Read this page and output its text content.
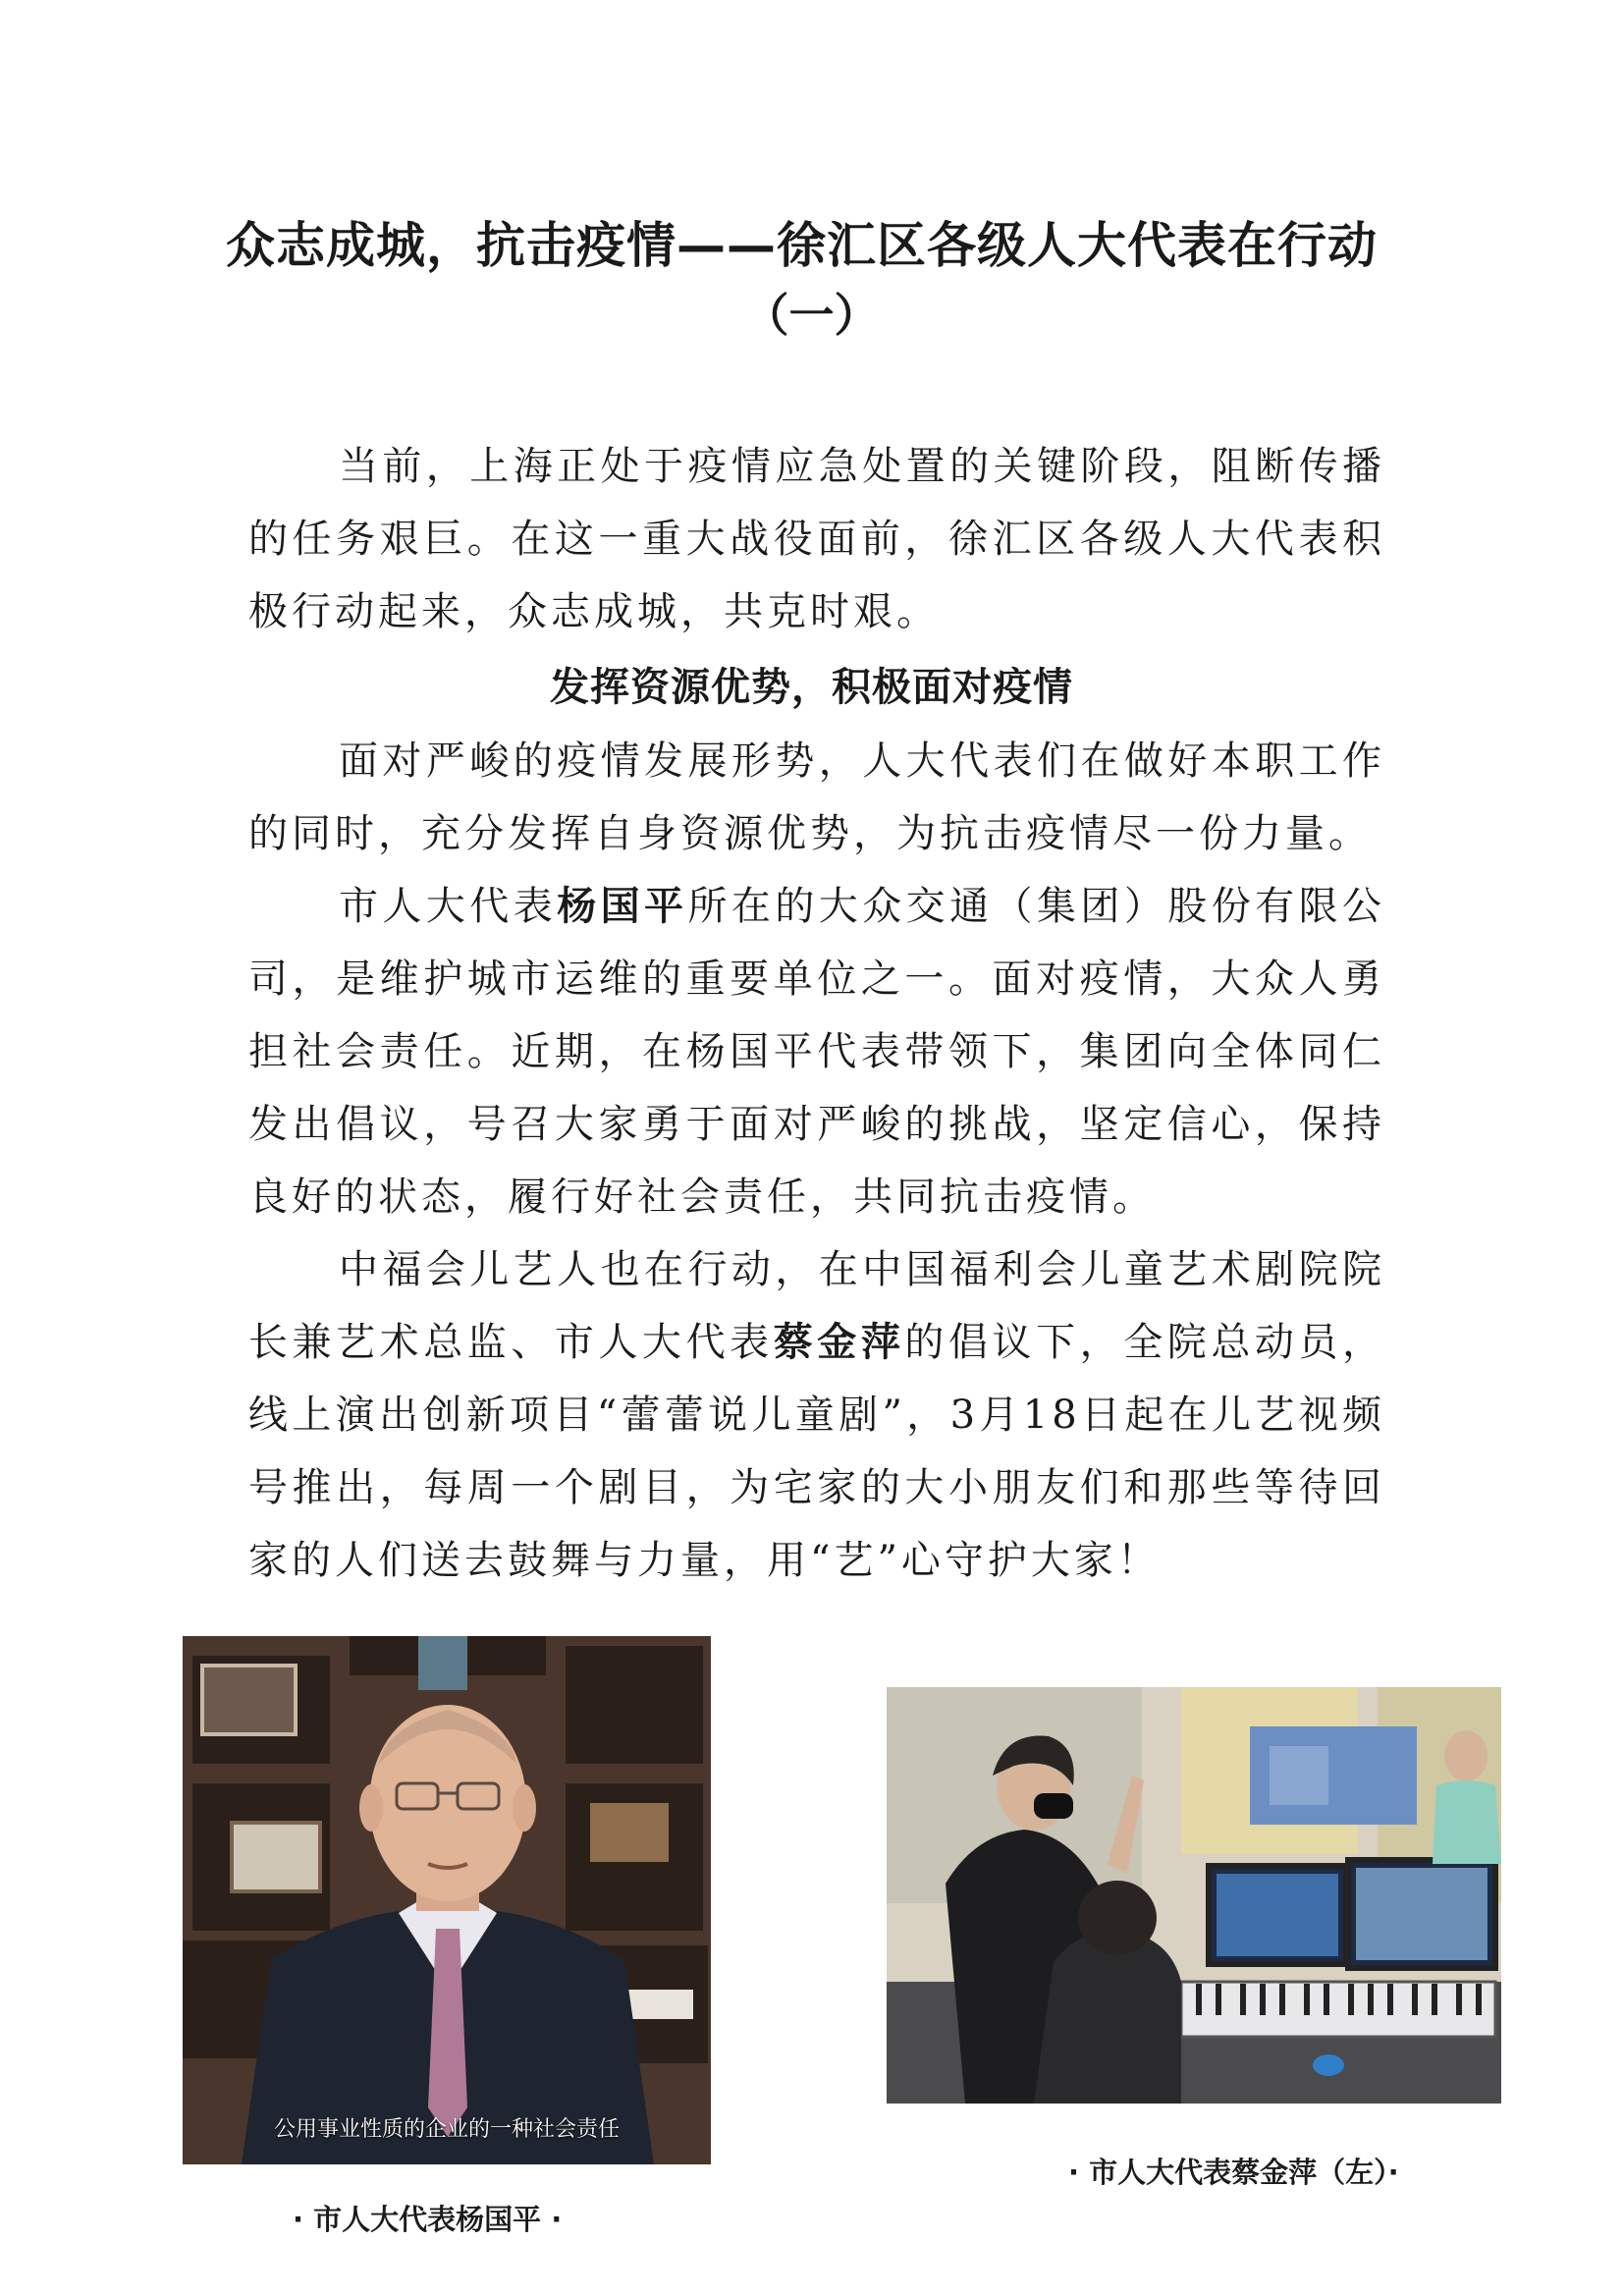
众志成城，抗击疫情——徐汇区各级人大代表在行动
（一）

当前，上海正处于疫情应急处置的关键阶段，阻断传播的任务艰巨。在这一重大战役面前，徐汇区各级人大代表积极行动起来，众志成城，共克时艰。

发挥资源优势，积极面对疫情

面对严峻的疫情发展形势，人大代表们在做好本职工作的同时，充分发挥自身资源优势，为抗击疫情尽一份力量。

市人大代表杨国平所在的大众交通（集团）股份有限公司，是维护城市运维的重要单位之一。面对疫情，大众人勇担社会责任。近期，在杨国平代表带领下，集团向全体同仁发出倡议，号召大家勇于面对严峻的挑战，坚定信心，保持良好的状态，履行好社会责任，共同抗击疫情。

中福会儿艺人也在行动，在中国福利会儿童艺术剧院院长兼艺术总监、市人大代表蔡金萍的倡议下，全院总动员，线上演出创新项目“蕾蕾说儿童剧”，3月18日起在儿艺视频号推出，每周一个剧目，为宅家的大小朋友们和那些等待回家的人们送去鼓舞与力量，用“艺”心守护大家！

公用事业性质的企业的一种社会责任
· 市人大代表杨国平 ·
· 市人大代表蔡金萍（左）·
